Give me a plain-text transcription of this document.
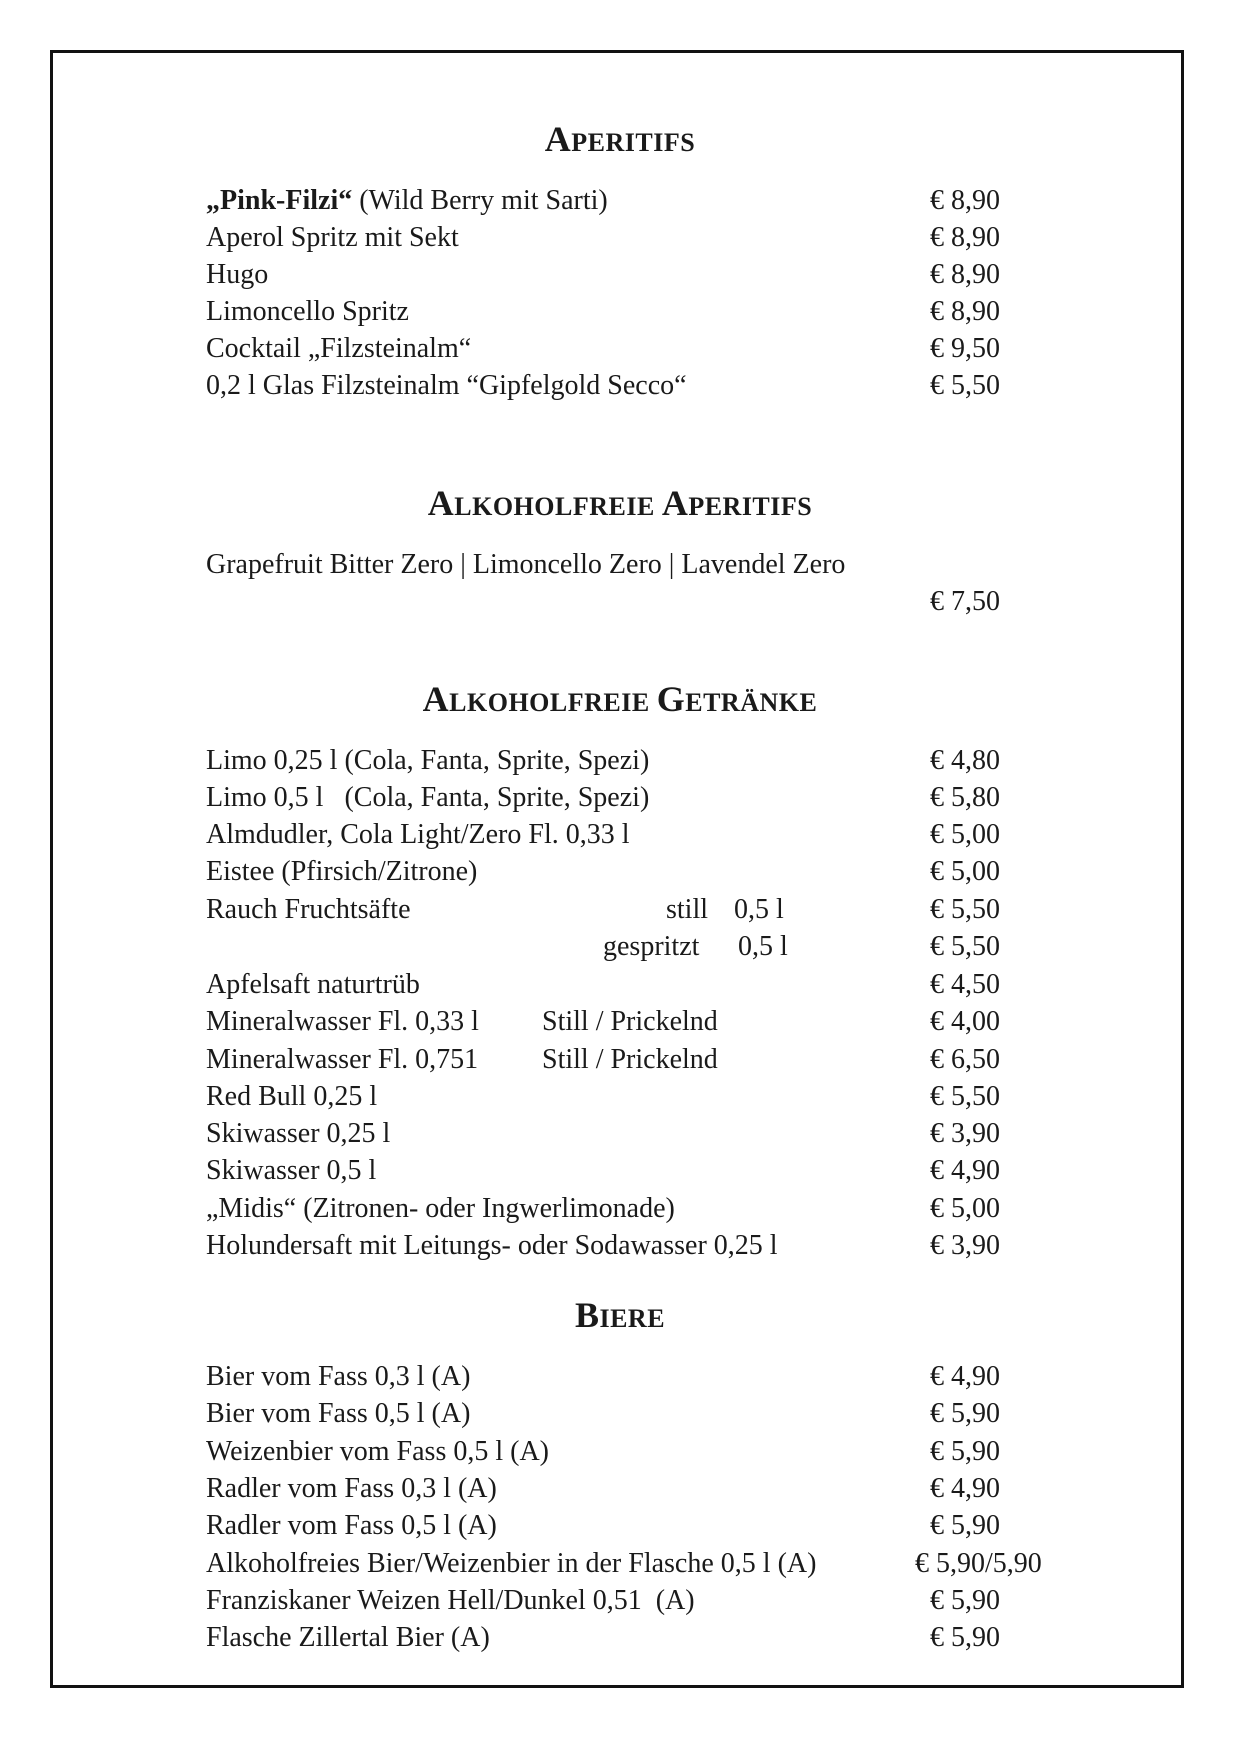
APERITIFS
„Pink-Filzi“ (Wild Berry mit Sarti)	€ 8,90
Aperol Spritz mit Sekt	€ 8,90
Hugo	€ 8,90
Limoncello Spritz	€ 8,90
Cocktail „Filzsteinalm“	€ 9,50
0,2 l Glas Filzsteinalm “Gipfelgold Secco“	€ 5,50
ALKOHOLFREIE APERITIFS
Grapefruit Bitter Zero | Limoncello Zero | Lavendel Zero
€ 7,50
ALKOHOLFREIE GETRÄNKE
Limo 0,25 l (Cola, Fanta, Sprite, Spezi)	€ 4,80
Limo 0,5 l   (Cola, Fanta, Sprite, Spezi)	€ 5,80
Almdudler, Cola Light/Zero Fl. 0,33 l	€ 5,00
Eistee (Pfirsich/Zitrone)	€ 5,00
Rauch Fruchtsäfte	still 0,5 l	€ 5,50
gespritzt 0,5 l	€ 5,50
Apfelsaft naturtrüb	€ 4,50
Mineralwasser Fl. 0,33 l Still / Prickelnd	€ 4,00
Mineralwasser Fl. 0,751 Still / Prickelnd	€ 6,50
Red Bull 0,25 l	€ 5,50
Skiwasser 0,25 l	€ 3,90
Skiwasser 0,5 l	€ 4,90
„Midis“ (Zitronen- oder Ingwerlimonade)	€ 5,00
Holundersaft mit Leitungs- oder Sodawasser 0,25 l	€ 3,90
BIERE
Bier vom Fass 0,3 l (A)	€ 4,90
Bier vom Fass 0,5 l (A)	€ 5,90
Weizenbier vom Fass 0,5 l (A)	€ 5,90
Radler vom Fass 0,3 l (A)	€ 4,90
Radler vom Fass 0,5 l (A)	€ 5,90
Alkoholfreies Bier/Weizenbier in der Flasche 0,5 l (A)	€ 5,90/5,90
Franziskaner Weizen Hell/Dunkel 0,51  (A)	€ 5,90
Flasche Zillertal Bier (A)	€ 5,90
